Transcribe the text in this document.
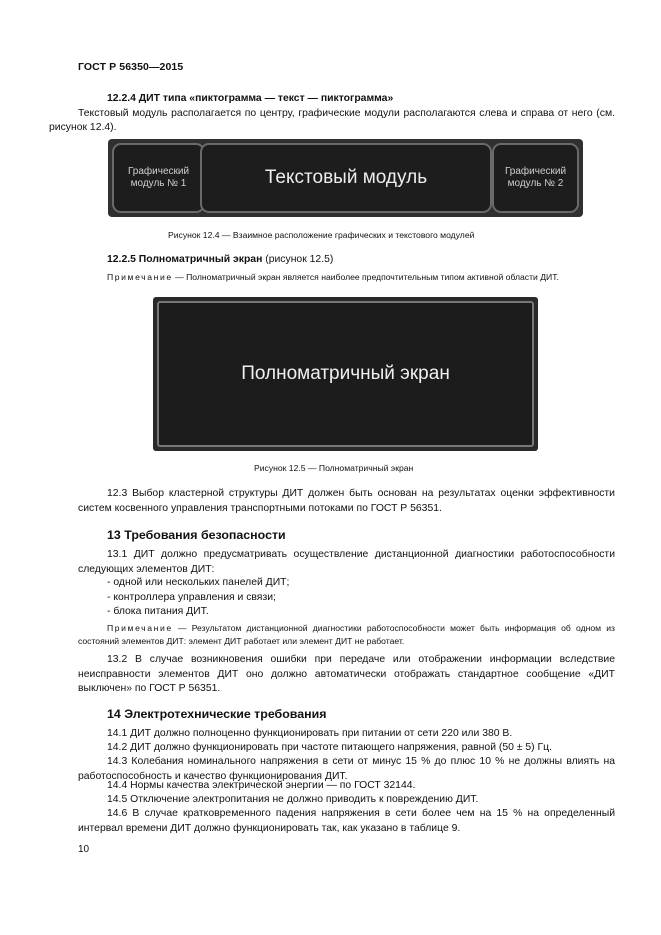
ГОСТ Р 56350—2015
12.2.4 ДИТ типа «пиктограмма — текст — пиктограмма»
Текстовый модуль располагается по центру, графические модули располагаются слева и справа от него (см. рисунок 12.4).
Графический
модуль № 1	Текстовый модуль	Графический
модуль № 2
Рисунок 12.4 — Взаимное расположение графических и текстового модулей
12.2.5 Полноматричный экран (рисунок 12.5)
Примечание — Полноматричный экран является наиболее предпочтительным типом активной области ДИТ.
Полноматричный экран
Рисунок 12.5 — Полноматричный экран
12.3 Выбор кластерной структуры ДИТ должен быть основан на результатах оценки эффективности систем косвенного управления транспортными потоками по ГОСТ Р 56351.
13 Требования безопасности
13.1 ДИТ должно предусматривать осуществление дистанционной диагностики работоспособности следующих элементов ДИТ:
- одной или нескольких панелей ДИТ;
- контроллера управления и связи;
- блока питания ДИТ.
Примечание — Результатом дистанционной диагностики работоспособности может быть информация об одном из состояний элементов ДИТ: элемент ДИТ работает или элемент ДИТ не работает.
13.2 В случае возникновения ошибки при передаче или отображении информации вследствие неисправности элементов ДИТ оно должно автоматически отображать стандартное сообщение «ДИТ выключен» по ГОСТ Р 56351.
14 Электротехнические требования
14.1 ДИТ должно полноценно функционировать при питании от сети 220 или 380 В.
14.2 ДИТ должно функционировать при частоте питающего напряжения, равной (50 ± 5) Гц.
14.3 Колебания номинального напряжения в сети от минус 15 % до плюс 10 % не должны влиять на работоспособность и качество функционирования ДИТ.
14.4 Нормы качества электрической энергии — по ГОСТ 32144.
14.5 Отключение электропитания не должно приводить к повреждению ДИТ.
14.6 В случае кратковременного падения напряжения в сети более чем на 15 % на определенный интервал времени ДИТ должно функционировать так, как указано в таблице 9.
10
